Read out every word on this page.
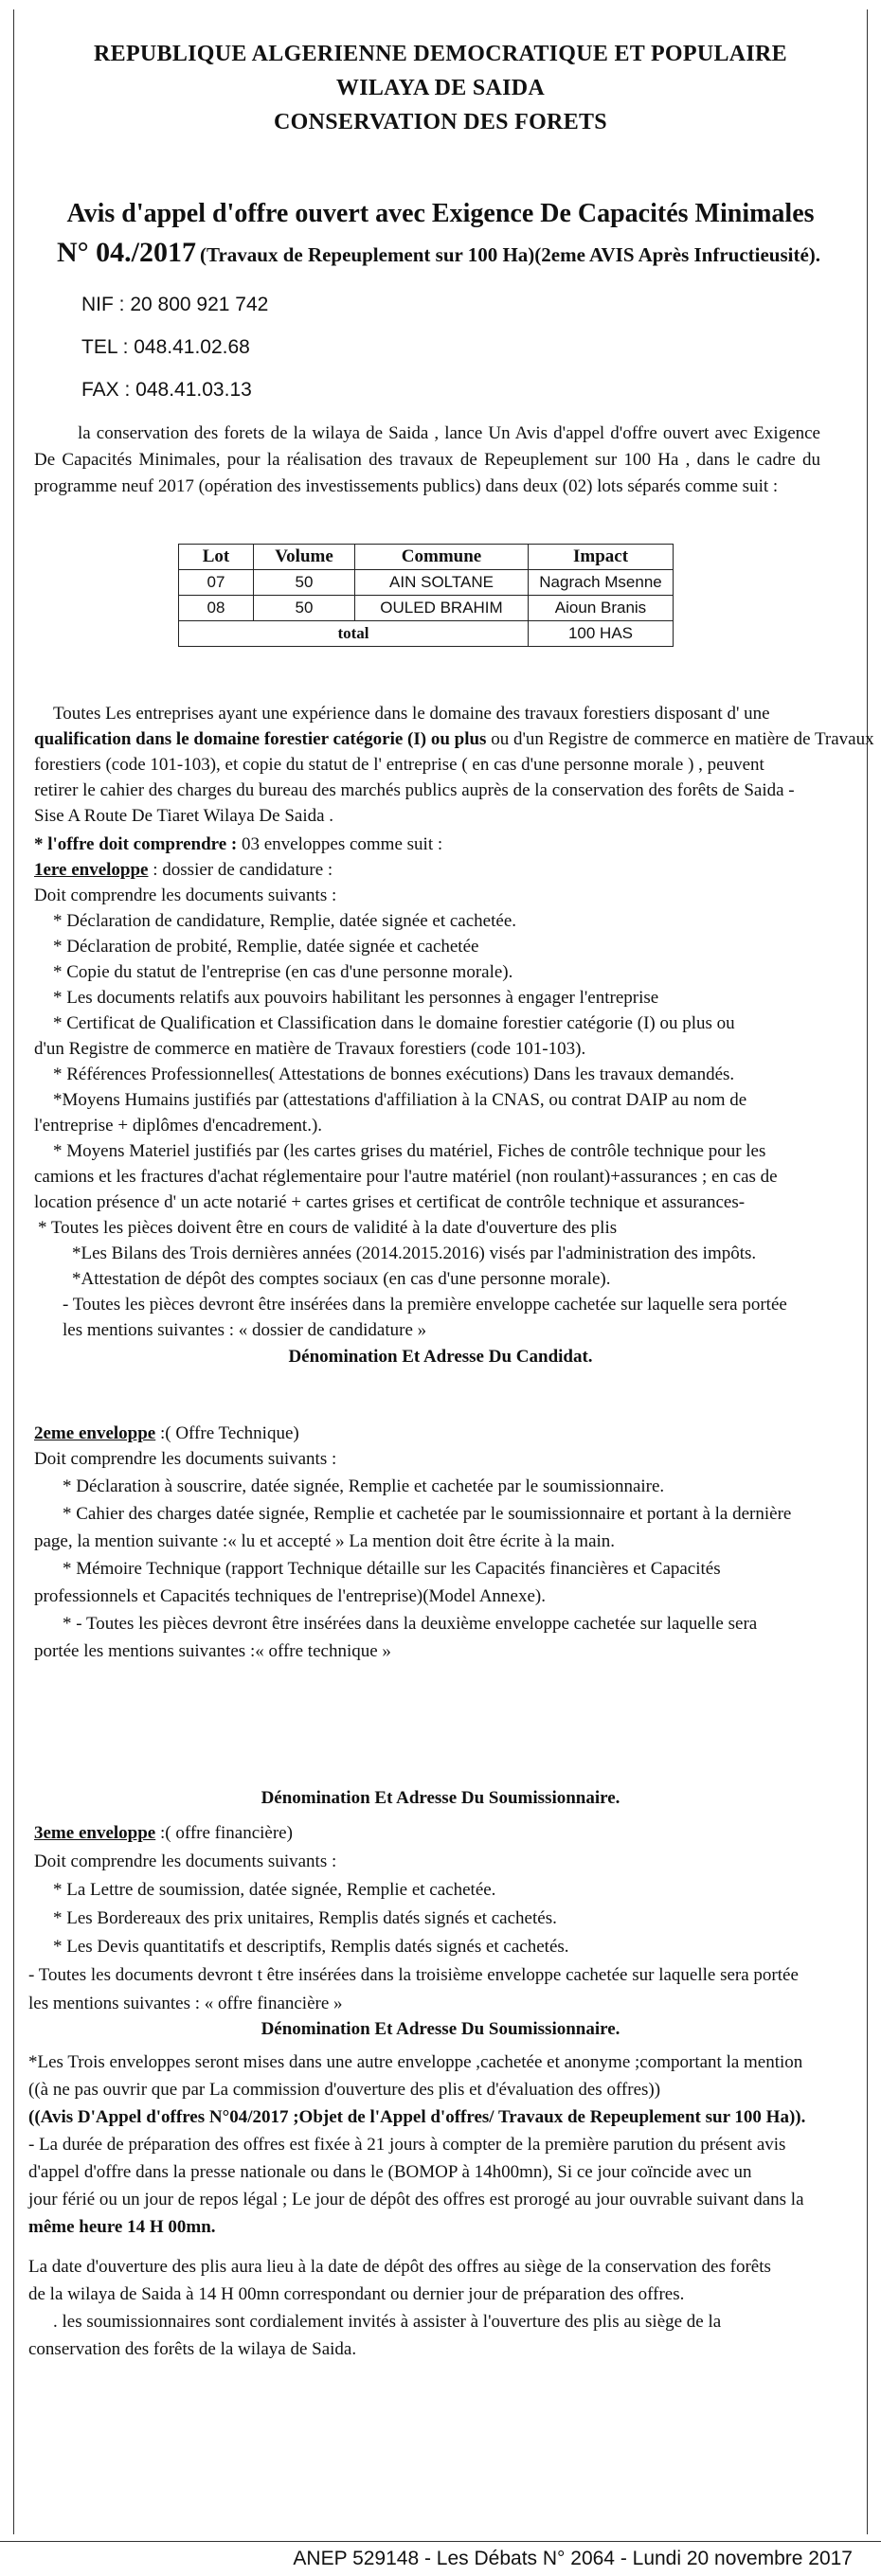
REPUBLIQUE ALGERIENNE DEMOCRATIQUE ET POPULAIRE
WILAYA DE SAIDA
CONSERVATION DES FORETS
Avis d'appel d'offre ouvert avec Exigence De Capacités Minimales
N° 04./2017 (Travaux de Repeuplement sur 100 Ha)(2eme AVIS Après Infructieusité).
NIF : 20 800 921 742
TEL : 048.41.02.68
FAX : 048.41.03.13
la conservation des forets de la wilaya de Saida , lance Un Avis d'appel d'offre ouvert avec Exigence De Capacités Minimales, pour la réalisation des travaux de Repeuplement sur 100 Ha , dans le cadre du programme neuf 2017 (opération des investissements publics) dans deux (02) lots séparés comme suit :
Lot	Volume	Commune	Impact
07	50	AIN SOLTANE	Nagrach Msenne
08	50	OULED BRAHIM	Aioun Branis
total			100 HAS
Toutes Les entreprises ayant une expérience dans le domaine des travaux forestiers disposant d' une
qualification dans le domaine forestier catégorie (I) ou plus ou d'un Registre de commerce en matière de Travaux
forestiers (code 101-103), et copie du statut de l' entreprise ( en cas d'une personne morale ) , peuvent
retirer le cahier des charges du bureau des marchés publics auprès de la conservation des forêts de Saida -
Sise A Route De Tiaret Wilaya De Saida .
* l'offre doit comprendre : 03 enveloppes comme suit :
1ere enveloppe : dossier de candidature :
Doit comprendre les documents suivants :
* Déclaration de candidature, Remplie, datée signée et cachetée.
* Déclaration de probité, Remplie, datée signée et cachetée
* Copie du statut de l'entreprise (en cas d'une personne morale).
* Les documents relatifs aux pouvoirs habilitant les personnes à engager l'entreprise
* Certificat de Qualification et Classification dans le domaine forestier catégorie (I) ou plus ou
d'un Registre de commerce en matière de Travaux forestiers (code 101-103).
* Références Professionnelles( Attestations de bonnes exécutions) Dans les travaux demandés.
*Moyens Humains justifiés par (attestations d'affiliation à la CNAS, ou contrat DAIP au nom de
l'entreprise + diplômes d'encadrement.).
* Moyens Materiel justifiés par (les cartes grises du matériel, Fiches de contrôle technique pour les
camions et les fractures d'achat réglementaire pour l'autre matériel (non roulant)+assurances ; en cas de
location présence d' un acte notarié + cartes grises et certificat de contrôle technique et assurances-
* Toutes les pièces doivent être en cours de validité à la date d'ouverture des plis
*Les Bilans des Trois dernières années (2014.2015.2016) visés par l'administration des impôts.
*Attestation de dépôt des comptes sociaux (en cas d'une personne morale).
- Toutes les pièces devront être insérées dans la première enveloppe cachetée sur laquelle sera portée
les mentions suivantes : « dossier de candidature »
Dénomination Et Adresse Du Candidat.
2eme enveloppe :( Offre Technique)
Doit comprendre les documents suivants :
* Déclaration à souscrire, datée signée, Remplie et cachetée par le soumissionnaire.
* Cahier des charges datée signée, Remplie et cachetée par le soumissionnaire et portant à la dernière
page, la mention suivante :« lu et accepté » La mention doit être écrite à la main.
* Mémoire Technique (rapport Technique détaille sur les Capacités financières et Capacités
professionnels et Capacités techniques de l'entreprise)(Model Annexe).
* - Toutes les pièces devront être insérées dans la deuxième enveloppe cachetée sur laquelle sera
portée les mentions suivantes :« offre technique »
Dénomination Et Adresse Du Soumissionnaire.
3eme enveloppe :( offre financière)
Doit comprendre les documents suivants :
* La Lettre de soumission, datée signée, Remplie et cachetée.
* Les Bordereaux des prix unitaires, Remplis datés signés et cachetés.
* Les Devis quantitatifs et descriptifs, Remplis datés signés et cachetés.
- Toutes les documents devront t être insérées dans la troisième enveloppe cachetée sur laquelle sera portée
les mentions suivantes : « offre financière »
Dénomination Et Adresse Du Soumissionnaire.
*Les Trois enveloppes seront mises dans une autre enveloppe ,cachetée et anonyme ;comportant la mention
((à ne pas ouvrir que par La commission d'ouverture des plis et d'évaluation des offres))
((Avis D'Appel d'offres N°04/2017 ;Objet de l'Appel d'offres/ Travaux de Repeuplement sur 100 Ha)).
- La durée de préparation des offres est fixée à 21 jours à compter de la première parution du présent avis
d'appel d'offre dans la presse nationale ou dans le (BOMOP à 14h00mn), Si ce jour coïncide avec un
jour férié ou un jour de repos légal ; Le jour de dépôt des offres est prorogé au jour ouvrable suivant dans la
même heure 14 H 00mn.
La date d'ouverture des plis aura lieu à la date de dépôt des offres au siège de la conservation des forêts
de la wilaya de Saida à 14 H 00mn correspondant ou dernier jour de préparation des offres.
. les soumissionnaires sont cordialement invités à assister à l'ouverture des plis au siège de la
conservation des forêts de la wilaya de Saida.
ANEP 529148 - Les Débats N° 2064 - Lundi 20 novembre 2017
